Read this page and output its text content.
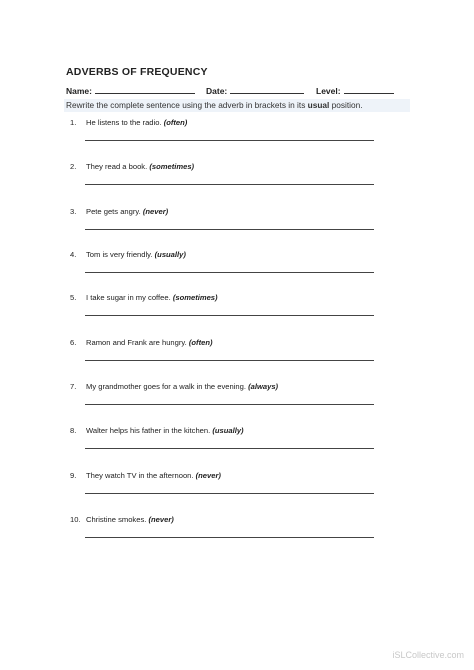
ADVERBS OF FREQUENCY
Name:	Date:	Level:
Rewrite the complete sentence using the adverb in brackets in its usual position.
1. He listens to the radio. (often)
2. They read a book. (sometimes)
3. Pete gets angry. (never)
4. Tom is very friendly. (usually)
5. I take sugar in my coffee. (sometimes)
6. Ramon and Frank are hungry. (often)
7. My grandmother goes for a walk in the evening. (always)
8. Walter helps his father in the kitchen. (usually)
9. They watch TV in the afternoon. (never)
10. Christine smokes. (never)
iSLCollective.com
